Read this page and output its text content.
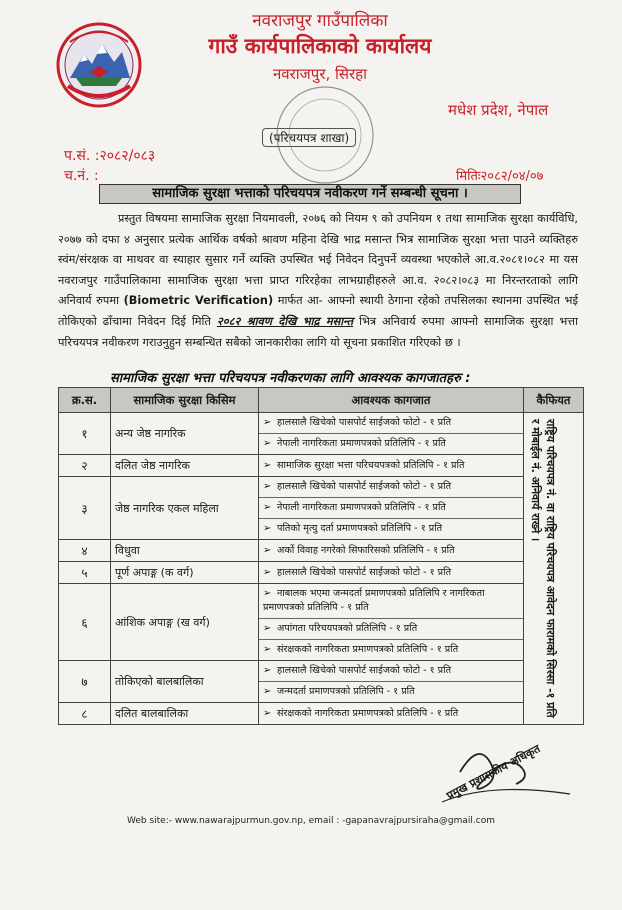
नवराजपुर गाउँपालिका
गाउँ कार्यपालिकाको कार्यालय
नवराजपुर, सिरहा
मधेश प्रदेश, नेपाल
(परिचयपत्र शाखा)
प.सं. :२०८२/०८३
च.नं. :	मितिः२०८२/०४/०७
सामाजिक सुरक्षा भत्ताको परिचयपत्र नवीकरण गर्ने सम्बन्धी सूचना ।
प्रस्तुत विषयमा सामाजिक सुरक्षा नियमावली, २०७६ को नियम ९ को उपनियम १ तथा सामाजिक सुरक्षा कार्यविधि, २०७७ को दफा ४ अनुसार प्रत्येक आर्थिक वर्षको श्रावण महिना देखि भाद्र मसान्त भित्र सामाजिक सुरक्षा भत्ता पाउने व्यक्तिहरु स्वंम/संरक्षक वा माथवर वा स्याहार सुसार गर्ने व्यक्ति उपस्थित भई निवेदन दिनुपर्ने व्यवस्था भएकोले आ.व.२०८१।०८२ मा यस नवराजपुर गाउँपालिकामा सामाजिक सुरक्षा भत्ता प्राप्त गरिरहेका लाभग्राहीहरुले आ.व. २०८२।०८३ मा निरन्तरताको लागि अनिवार्य रुपमा (Biometric Verification) मार्फत आ- आफ्नो स्थायी ठेगाना रहेको तपसिलका स्थानमा उपस्थित भई तोकिएको ढाँचामा निवेदन दिई मिति २०८२ श्रावण देखि भाद्र मसान्त भित्र अनिवार्य रुपमा आफ्नो सामाजिक सुरक्षा भत्ता परिचयपत्र नवीकरण गराउनुहुन सम्बन्धित सबैको जानकारीका लागि यो सूचना प्रकाशित गरिएको छ ।
सामाजिक सुरक्षा भत्ता परिचयपत्र नवीकरणका लागि आवश्यक कागजातहरु :
क्र.स.	सामाजिक सुरक्षा किसिम	आवश्यक कागजात	कैफियत
१	अन्य जेष्ठ नागरिक	➢ हालसालै खिचेको पासपोर्ट साईजको फोटो - १ प्रति
➢ नेपाली नागरिकता प्रमाणपत्रको प्रतिलिपि - १ प्रति	राष्ट्रिय परिचयपत्र नं. वा राष्ट्रिय परिचयपत्र आवेदन फारामको सिस्सा -१ प्रति र मोबाईल नं. अनिवार्य राख्ने ।

२	दलित जेष्ठ नागरिक	➢ सामाजिक सुरक्षा भत्ता परिचयपत्रको प्रतिलिपि - १ प्रति	

३	जेष्ठ नागरिक एकल महिला	➢ हालसालै खिचेको पासपोर्ट साईजको फोटो - १ प्रति
➢ नेपाली नागरिकता प्रमाणपत्रको प्रतिलिपि - १ प्रति
➢ पतिको मृत्यु दर्ता प्रमाणपत्रको प्रतिलिपि - १ प्रति	

४	विधुवा	➢ अर्को विवाह नगरेको सिफारिसको प्रतिलिपि - १ प्रति	

५	पूर्ण अपाङ्ग (क वर्ग)	➢ हालसालै खिचेको पासपोर्ट साईजको फोटो - १ प्रति	

६	आंशिक अपाङ्ग (ख वर्ग)	➢ नाबालक भएमा जन्मदर्ता प्रमाणपत्रको प्रतिलिपि र नागरिकता प्रमाणपत्रको प्रतिलिपि - १ प्रति
➢ अपांगता परिचयपत्रको प्रतिलिपि - १ प्रति
➢ संरक्षकको नागरिकता प्रमाणपत्रको प्रतिलिपि - १ प्रति	

७	तोकिएको बालबालिका	➢ हालसालै खिचेको पासपोर्ट साईजको फोटो - १ प्रति
➢ जन्मदर्ता प्रमाणपत्रको प्रतिलिपि - १ प्रति	

८	दलित बालबालिका	➢ संरक्षकको नागरिकता प्रमाणपत्रको प्रतिलिपि - १ प्रति	
प्रमुख प्रशासकीय अधिकृत
Web site:- www.nawarajpurmun.gov.np, email : -gapanavrajpursiraha@gmail.com
